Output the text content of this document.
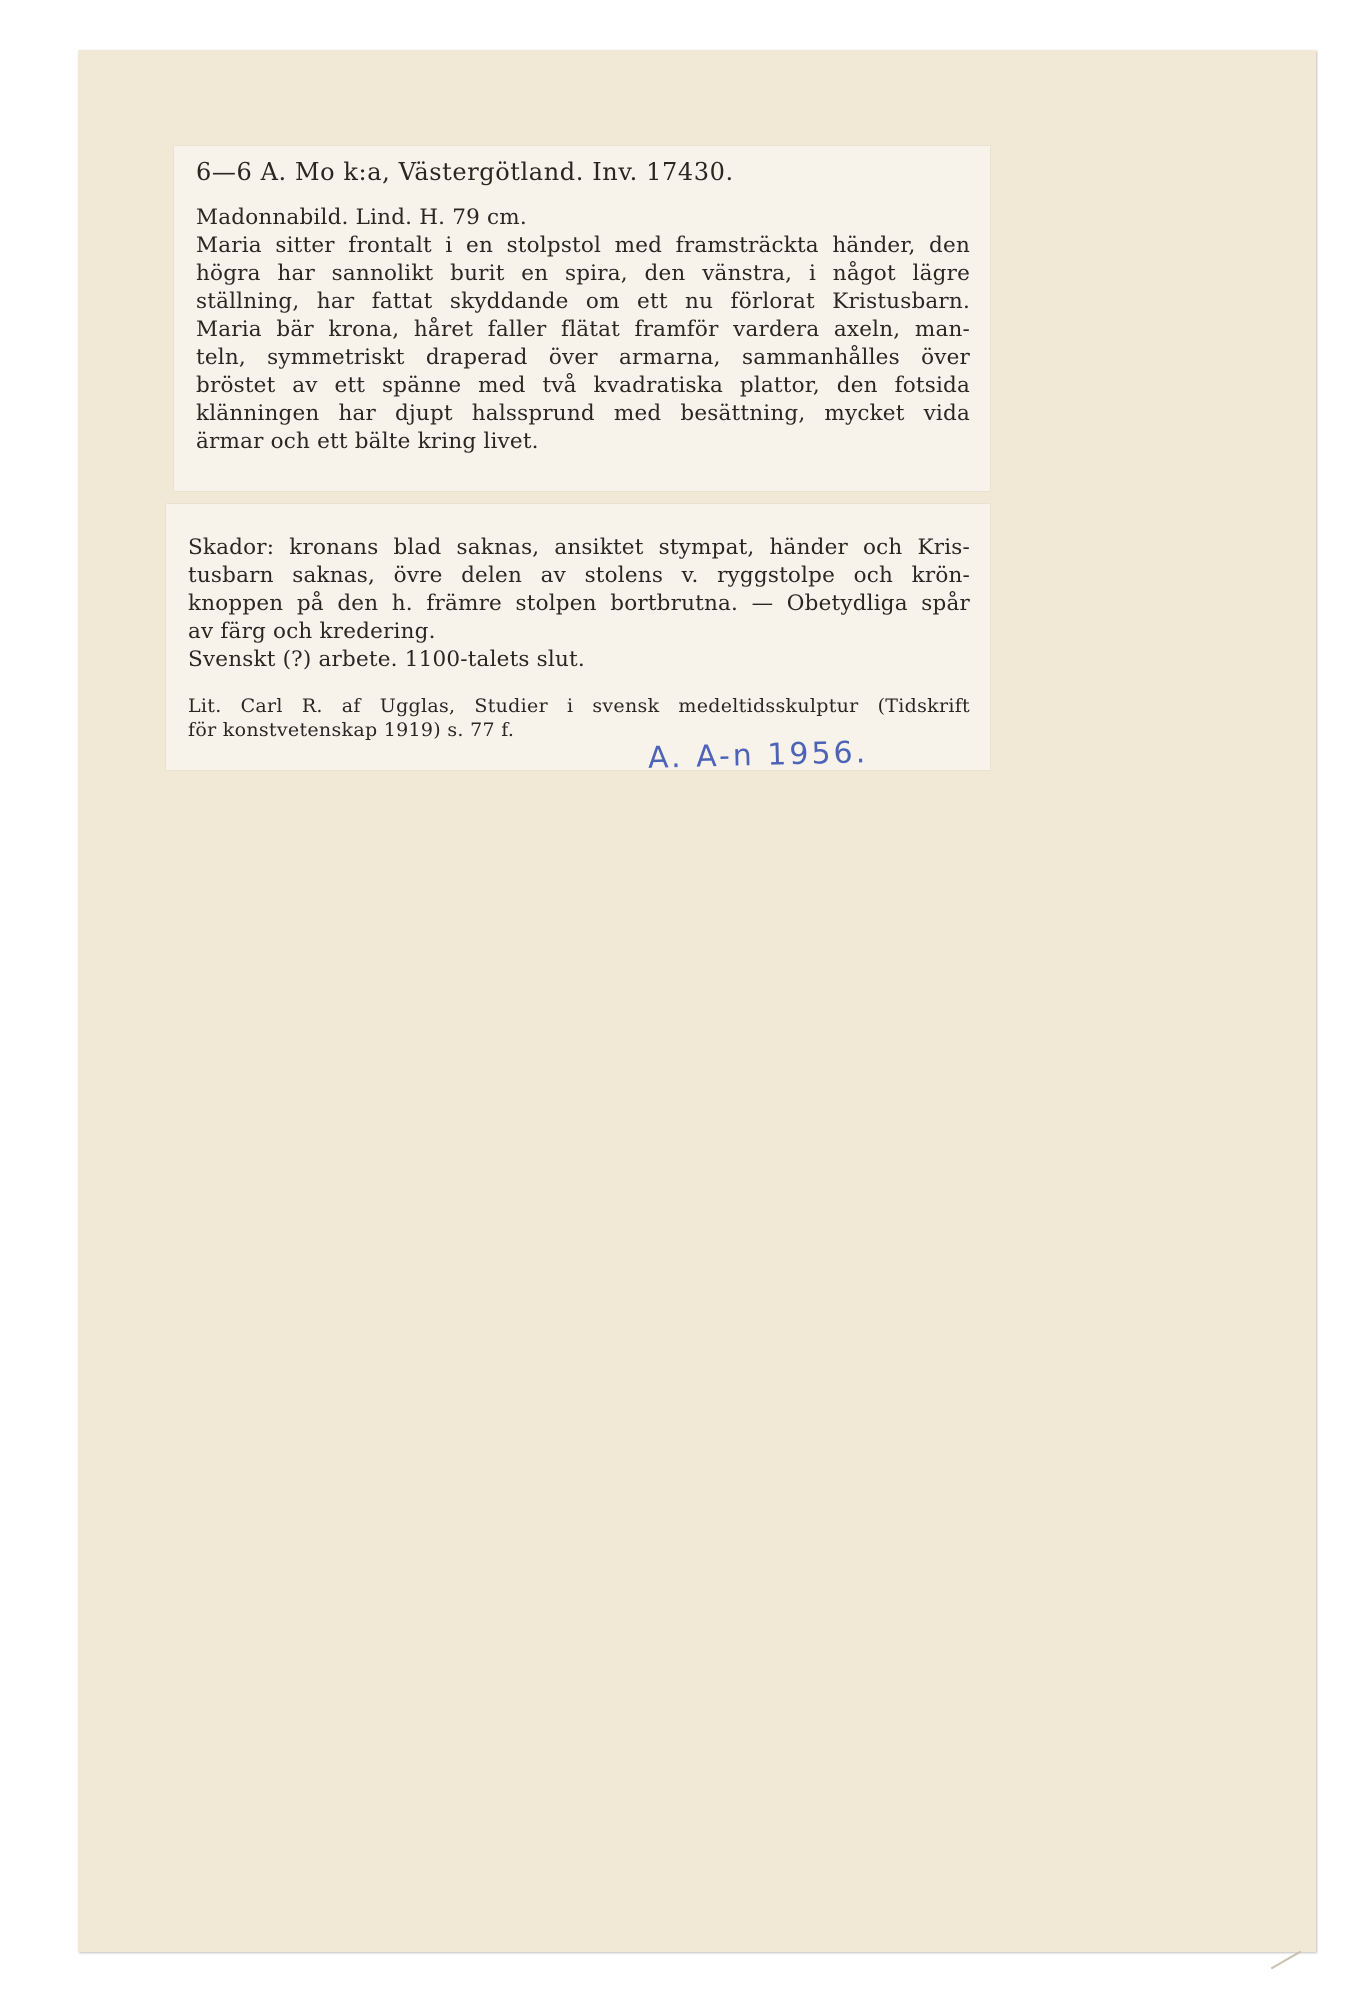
6—6 A. Mo k:a, Västergötland. Inv. 17430.
Madonnabild. Lind. H. 79 cm.
Maria sitter frontalt i en stolpstol med framsträckta händer, den
högra har sannolikt burit en spira, den vänstra, i något lägre
ställning, har fattat skyddande om ett nu förlorat Kristusbarn.
Maria bär krona, håret faller flätat framför vardera axeln, man-
teln, symmetriskt draperad över armarna, sammanhålles över
bröstet av ett spänne med två kvadratiska plattor, den fotsida
klänningen har djupt halssprund med besättning, mycket vida
ärmar och ett bälte kring livet.
Skador: kronans blad saknas, ansiktet stympat, händer och Kris-
tusbarn saknas, övre delen av stolens v. ryggstolpe och krön-
knoppen på den h. främre stolpen bortbrutna. — Obetydliga spår
av färg och kredering.
Svenskt (?) arbete. 1100-talets slut.
Lit. Carl R. af Ugglas, Studier i svensk medeltidsskulptur (Tidskrift
för konstvetenskap 1919) s. 77 f.
A. A-n 1956.
